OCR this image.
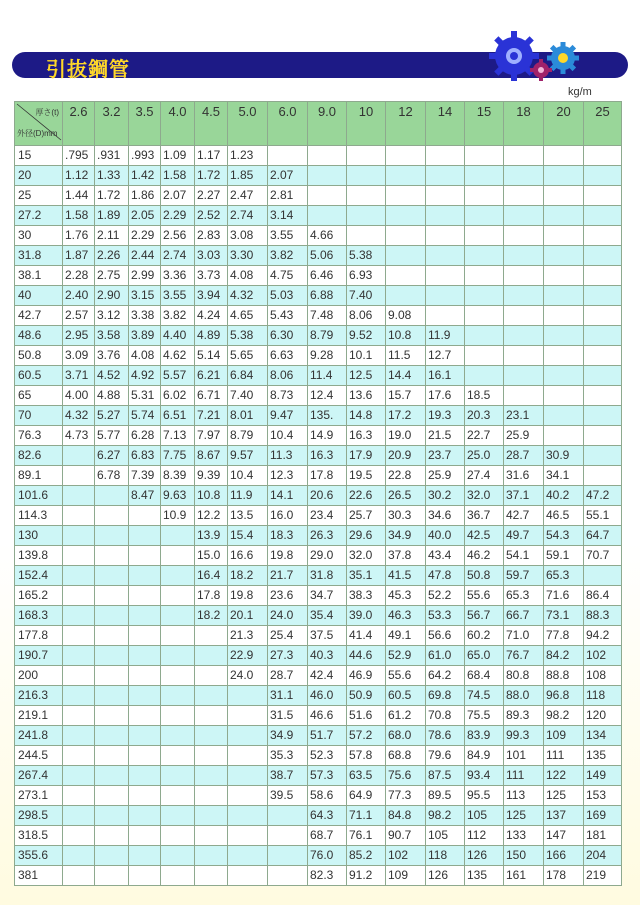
引抜鋼管
kg/m
厚さ(t)
外径(D)mm	2.6	3.2	3.5	4.0	4.5	5.0	6.0	9.0	10	12	14	15	18	20	25
15	.795	.931	.993	1.09	1.17	1.23									
20	1.12	1.33	1.42	1.58	1.72	1.85	2.07								
25	1.44	1.72	1.86	2.07	2.27	2.47	2.81								
27.2	1.58	1.89	2.05	2.29	2.52	2.74	3.14								
30	1.76	2.11	2.29	2.56	2.83	3.08	3.55	4.66							
31.8	1.87	2.26	2.44	2.74	3.03	3.30	3.82	5.06	5.38						
38.1	2.28	2.75	2.99	3.36	3.73	4.08	4.75	6.46	6.93						
40	2.40	2.90	3.15	3.55	3.94	4.32	5.03	6.88	7.40						
42.7	2.57	3.12	3.38	3.82	4.24	4.65	5.43	7.48	8.06	9.08					
48.6	2.95	3.58	3.89	4.40	4.89	5.38	6.30	8.79	9.52	10.8	11.9				
50.8	3.09	3.76	4.08	4.62	5.14	5.65	6.63	9.28	10.1	11.5	12.7				
60.5	3.71	4.52	4.92	5.57	6.21	6.84	8.06	11.4	12.5	14.4	16.1				
65	4.00	4.88	5.31	6.02	6.71	7.40	8.73	12.4	13.6	15.7	17.6	18.5			
70	4.32	5.27	5.74	6.51	7.21	8.01	9.47	135.	14.8	17.2	19.3	20.3	23.1		
76.3	4.73	5.77	6.28	7.13	7.97	8.79	10.4	14.9	16.3	19.0	21.5	22.7	25.9		
82.6		6.27	6.83	7.75	8.67	9.57	11.3	16.3	17.9	20.9	23.7	25.0	28.7	30.9	
89.1		6.78	7.39	8.39	9.39	10.4	12.3	17.8	19.5	22.8	25.9	27.4	31.6	34.1	
101.6			8.47	9.63	10.8	11.9	14.1	20.6	22.6	26.5	30.2	32.0	37.1	40.2	47.2
114.3				10.9	12.2	13.5	16.0	23.4	25.7	30.3	34.6	36.7	42.7	46.5	55.1
130					13.9	15.4	18.3	26.3	29.6	34.9	40.0	42.5	49.7	54.3	64.7
139.8					15.0	16.6	19.8	29.0	32.0	37.8	43.4	46.2	54.1	59.1	70.7
152.4					16.4	18.2	21.7	31.8	35.1	41.5	47.8	50.8	59.7	65.3	
165.2					17.8	19.8	23.6	34.7	38.3	45.3	52.2	55.6	65.3	71.6	86.4
168.3					18.2	20.1	24.0	35.4	39.0	46.3	53.3	56.7	66.7	73.1	88.3
177.8						21.3	25.4	37.5	41.4	49.1	56.6	60.2	71.0	77.8	94.2
190.7						22.9	27.3	40.3	44.6	52.9	61.0	65.0	76.7	84.2	102
200						24.0	28.7	42.4	46.9	55.6	64.2	68.4	80.8	88.8	108
216.3							31.1	46.0	50.9	60.5	69.8	74.5	88.0	96.8	118
219.1							31.5	46.6	51.6	61.2	70.8	75.5	89.3	98.2	120
241.8							34.9	51.7	57.2	68.0	78.6	83.9	99.3	109	134
244.5							35.3	52.3	57.8	68.8	79.6	84.9	101	111	135
267.4							38.7	57.3	63.5	75.6	87.5	93.4	111	122	149
273.1							39.5	58.6	64.9	77.3	89.5	95.5	113	125	153
298.5								64.3	71.1	84.8	98.2	105	125	137	169
318.5								68.7	76.1	90.7	105	112	133	147	181
355.6								76.0	85.2	102	118	126	150	166	204
381								82.3	91.2	109	126	135	161	178	219
